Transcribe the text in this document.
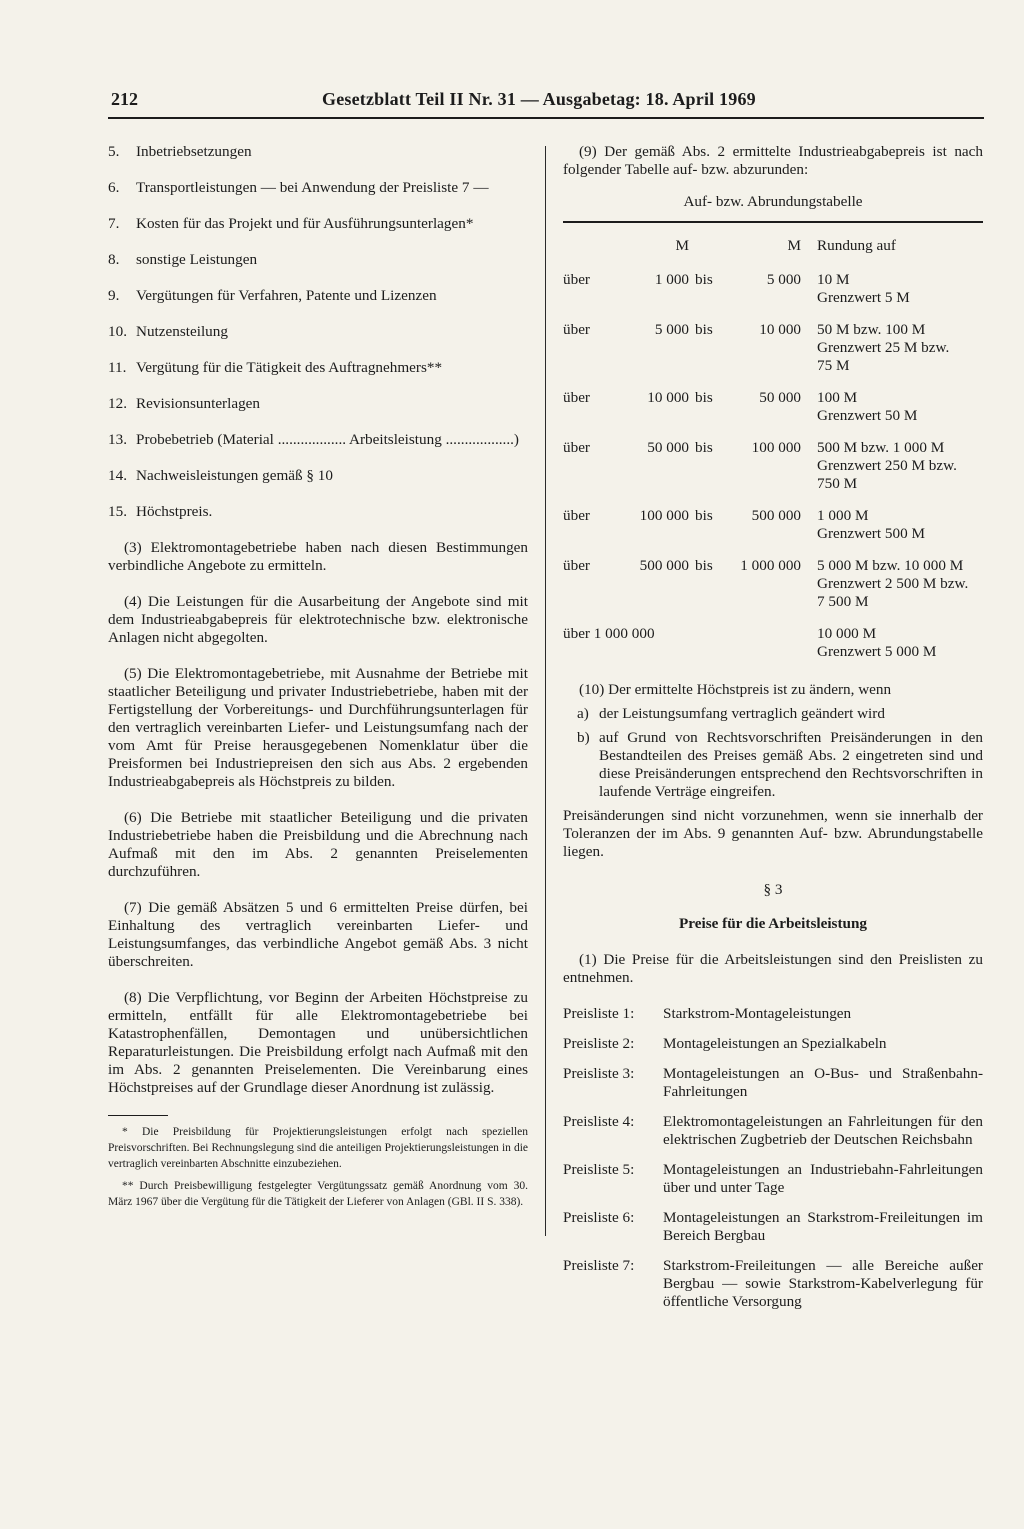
212	Gesetzblatt Teil II Nr. 31 — Ausgabetag: 18. April 1969
5.	Inbetriebsetzungen
6.	Transportleistungen — bei Anwendung der Preisliste 7 —
7.	Kosten für das Projekt und für Ausführungsunterlagen*
8.	sonstige Leistungen
9.	Vergütungen für Verfahren, Patente und Lizenzen
10. Nutzensteilung
11. Vergütung für die Tätigkeit des Auftragnehmers**
12. Revisionsunterlagen
13. Probebetrieb (Material .................. Arbeitsleistung ..................)
14. Nachweisleistungen gemäß § 10
15. Höchstpreis.

(3) Elektromontagebetriebe haben nach diesen Bestimmungen verbindliche Angebote zu ermitteln.

(4) Die Leistungen für die Ausarbeitung der Angebote sind mit dem Industrieabgabepreis für elektrotechnische bzw. elektronische Anlagen nicht abgegolten.

(5) Die Elektromontagebetriebe, mit Ausnahme der Betriebe mit staatlicher Beteiligung und privater Industriebetriebe, haben mit der Fertigstellung der Vorbereitungs- und Durchführungsunterlagen für den vertraglich vereinbarten Liefer- und Leistungsumfang nach der vom Amt für Preise herausgegebenen Nomenklatur über die Preisformen bei Industriepreisen den sich aus Abs. 2 ergebenden Industrieabgabepreis als Höchstpreis zu bilden.

(6) Die Betriebe mit staatlicher Beteiligung und die privaten Industriebetriebe haben die Preisbildung und die Abrechnung nach Aufmaß mit den im Abs. 2 genannten Preiselementen durchzuführen.

(7) Die gemäß Absätzen 5 und 6 ermittelten Preise dürfen, bei Einhaltung des vertraglich vereinbarten Liefer- und Leistungsumfanges, das verbindliche Angebot gemäß Abs. 3 nicht überschreiten.

(8) Die Verpflichtung, vor Beginn der Arbeiten Höchstpreise zu ermitteln, entfällt für alle Elektromontagebetriebe bei Katastrophenfällen, Demontagen und unübersichtlichen Reparaturleistungen. Die Preisbildung erfolgt nach Aufmaß mit den im Abs. 2 genannten Preiselementen. Die Vereinbarung eines Höchstpreises auf der Grundlage dieser Anordnung ist zulässig.

* Die Preisbildung für Projektierungsleistungen erfolgt nach speziellen Preisvorschriften. Bei Rechnungslegung sind die anteiligen Projektierungsleistungen in die vertraglich vereinbarten Abschnitte einzubeziehen.

** Durch Preisbewilligung festgelegter Vergütungssatz gemäß Anordnung vom 30. März 1967 über die Vergütung für die Tätigkeit der Lieferer von Anlagen (GBl. II S. 338).

(9) Der gemäß Abs. 2 ermittelte Industrieabgabepreis ist nach folgender Tabelle auf- bzw. abzurunden:

Auf- bzw. Abrundungstabelle
	M		M	Rundung auf
über	1 000	bis	5 000	10 M
Grenzwert 5 M

über	5 000	bis	10 000	50 M bzw. 100 M
Grenzwert 25 M bzw.
75 M

über	10 000	bis	50 000	100 M
Grenzwert 50 M

über	50 000	bis	100 000	500 M bzw. 1 000 M
Grenzwert 250 M bzw.
750 M

über	100 000	bis	500 000	1 000 M
Grenzwert 500 M

über	500 000	bis	1 000 000	5 000 M bzw. 10 000 M
Grenzwert 2 500 M bzw.
7 500 M

über 1 000 000				10 000 M
Grenzwert 5 000 M

(10) Der ermittelte Höchstpreis ist zu ändern, wenn

a) der Leistungsumfang vertraglich geändert wird
b) auf Grund von Rechtsvorschriften Preisänderungen in den Bestandteilen des Preises gemäß Abs. 2 eingetreten sind und diese Preisänderungen entsprechend den Rechtsvorschriften in laufende Verträge eingreifen.

Preisänderungen sind nicht vorzunehmen, wenn sie innerhalb der Toleranzen der im Abs. 9 genannten Auf- bzw. Abrundungstabelle liegen.

§ 3
Preise für die Arbeitsleistung

(1) Die Preise für die Arbeitsleistungen sind den Preislisten zu entnehmen.

Preisliste 1:	Starkstrom-Montageleistungen
Preisliste 2:	Montageleistungen an Spezialkabeln
Preisliste 3:	Montageleistungen an O-Bus- und Straßenbahn-Fahrleitungen
Preisliste 4:	Elektromontageleistungen an Fahrleitungen für den elektrischen Zugbetrieb der Deutschen Reichsbahn
Preisliste 5:	Montageleistungen an Industriebahn-Fahrleitungen über und unter Tage
Preisliste 6:	Montageleistungen an Starkstrom-Freileitungen im Bereich Bergbau
Preisliste 7:	Starkstrom-Freileitungen — alle Bereiche außer Bergbau — sowie Starkstrom-Kabelverlegung für öffentliche Versorgung
